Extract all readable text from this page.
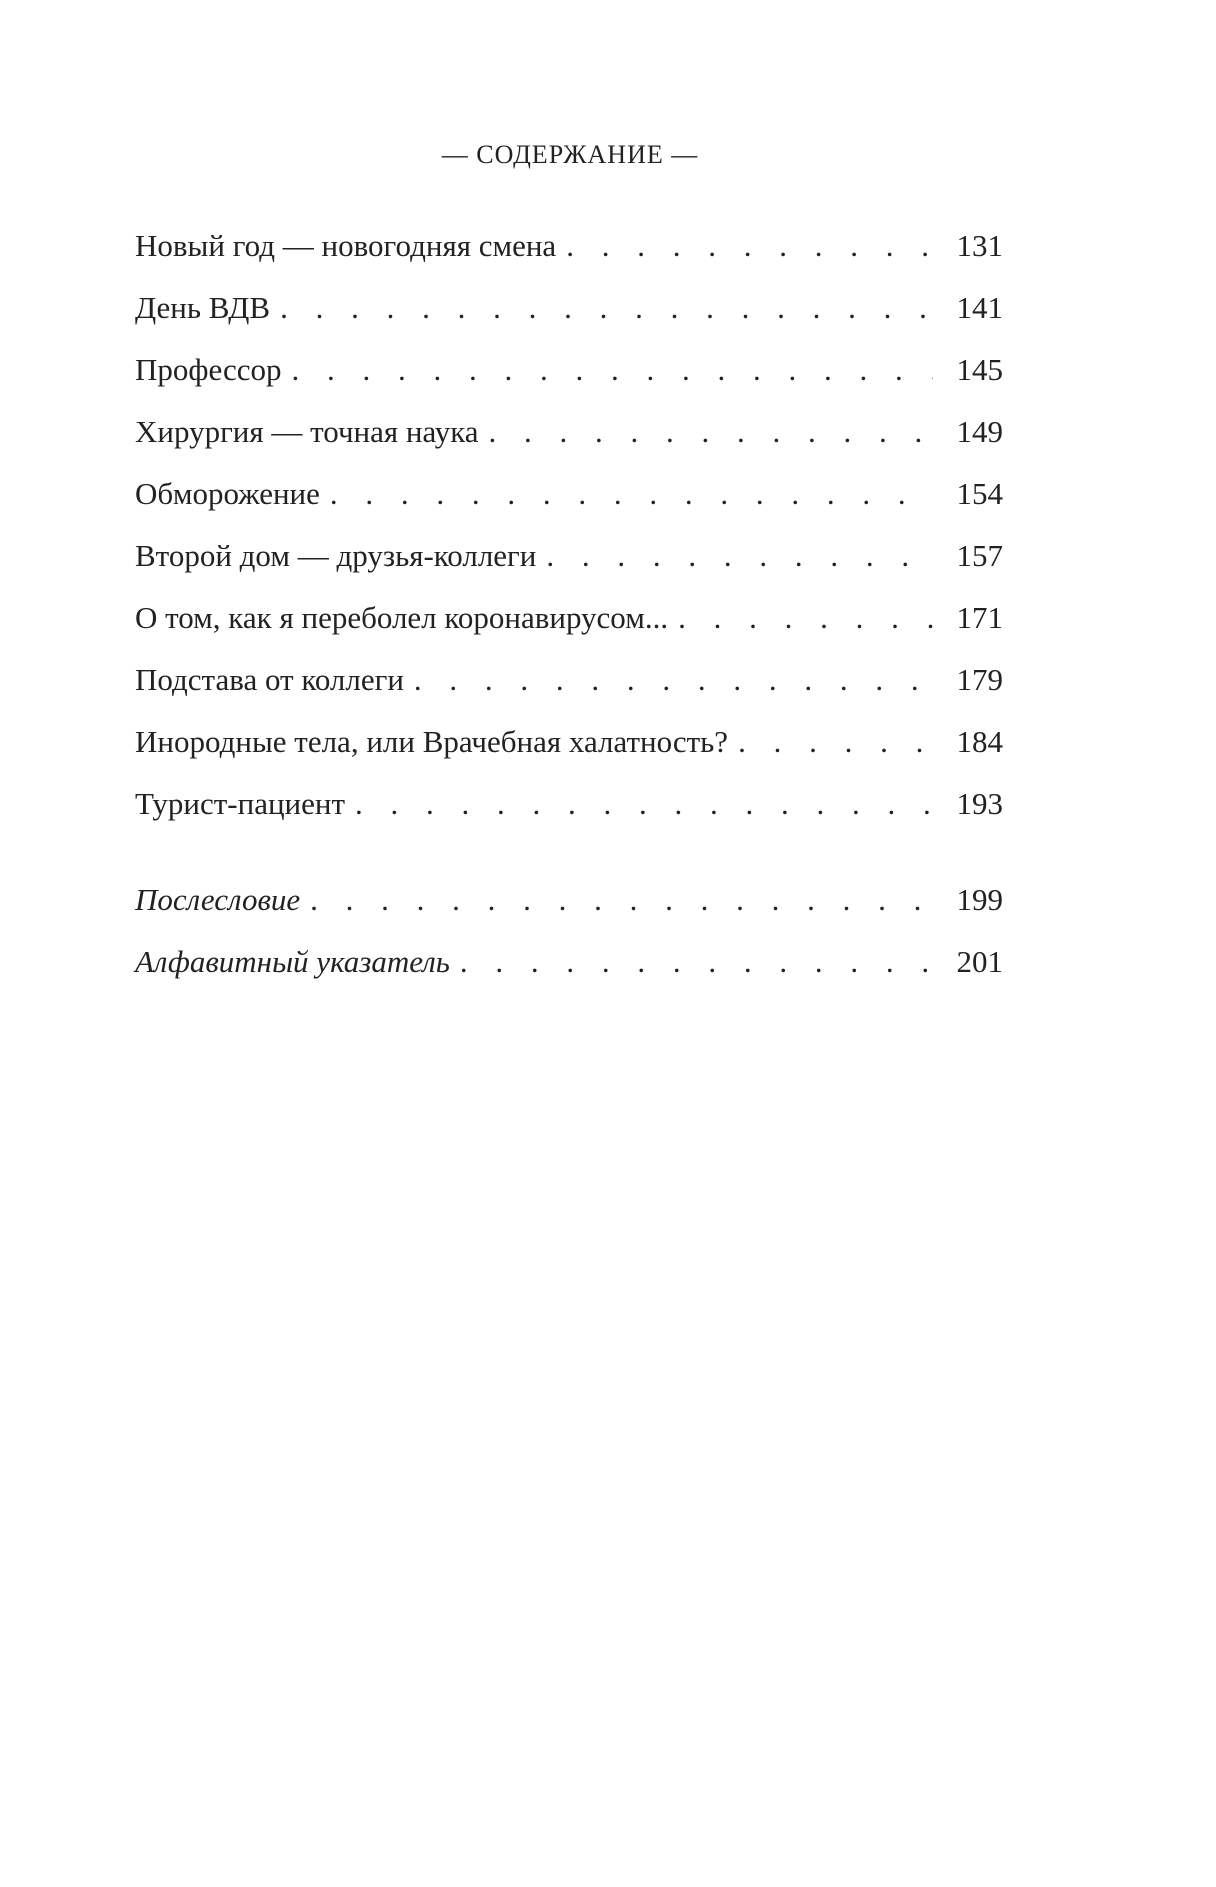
— СОДЕРЖАНИЕ —
Новый год — новогодняя смена . . .	131
День ВДВ . . .	141
Профессор . . .	145
Хирургия — точная наука . . .	149
Обморожение . . .	154
Второй дом — друзья-коллеги . . .	157
О том, как я переболел коронавирусом... . . .	171
Подстава от коллеги . . .	179
Инородные тела, или Врачебная халатность? . . .	184
Турист-пациент . . .	193
Послесловие . . .	199
Алфавитный указатель . . .	201
